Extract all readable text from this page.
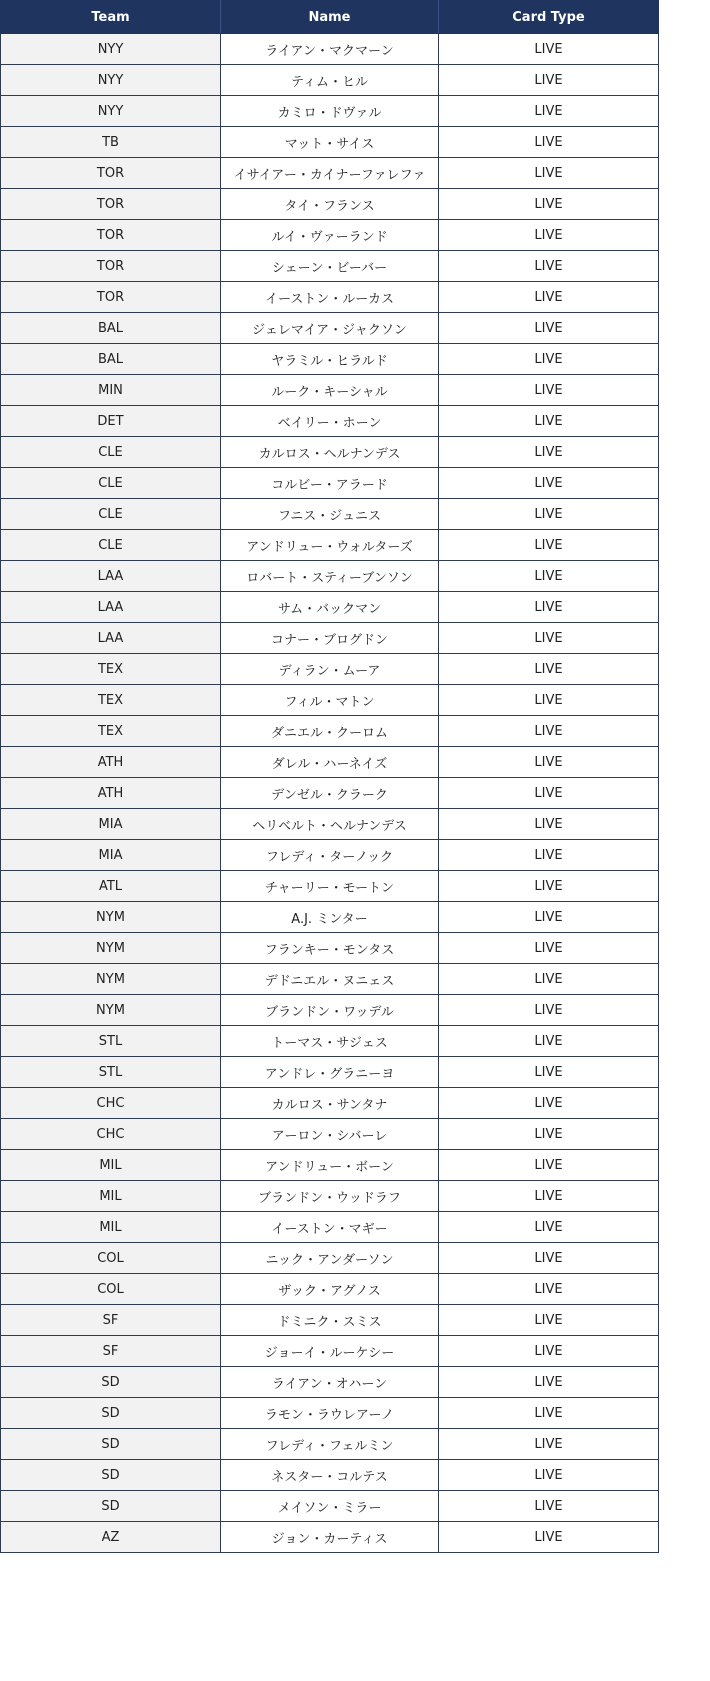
Team	Name	Card Type
NYY	ライアン・マクマーン	LIVE
NYY	ティム・ヒル	LIVE
NYY	カミロ・ドヴァル	LIVE
TB	マット・サイス	LIVE
TOR	イサイアー・カイナーファレファ	LIVE
TOR	タイ・フランス	LIVE
TOR	ルイ・ヴァーランド	LIVE
TOR	シェーン・ビーバー	LIVE
TOR	イーストン・ルーカス	LIVE
BAL	ジェレマイア・ジャクソン	LIVE
BAL	ヤラミル・ヒラルド	LIVE
MIN	ルーク・キーシャル	LIVE
DET	ベイリー・ホーン	LIVE
CLE	カルロス・ヘルナンデス	LIVE
CLE	コルビー・アラード	LIVE
CLE	フニス・ジュニス	LIVE
CLE	アンドリュー・ウォルターズ	LIVE
LAA	ロバート・スティーブンソン	LIVE
LAA	サム・バックマン	LIVE
LAA	コナー・ブログドン	LIVE
TEX	ディラン・ムーア	LIVE
TEX	フィル・マトン	LIVE
TEX	ダニエル・クーロム	LIVE
ATH	ダレル・ハーネイズ	LIVE
ATH	デンゼル・クラーク	LIVE
MIA	ヘリベルト・ヘルナンデス	LIVE
MIA	フレディ・ターノック	LIVE
ATL	チャーリー・モートン	LIVE
NYM	A.J. ミンター	LIVE
NYM	フランキー・モンタス	LIVE
NYM	デドニエル・ヌニェス	LIVE
NYM	ブランドン・ワッデル	LIVE
STL	トーマス・サジェス	LIVE
STL	アンドレ・グラニーヨ	LIVE
CHC	カルロス・サンタナ	LIVE
CHC	アーロン・シバーレ	LIVE
MIL	アンドリュー・ボーン	LIVE
MIL	ブランドン・ウッドラフ	LIVE
MIL	イーストン・マギー	LIVE
COL	ニック・アンダーソン	LIVE
COL	ザック・アグノス	LIVE
SF	ドミニク・スミス	LIVE
SF	ジョーイ・ルーケシー	LIVE
SD	ライアン・オハーン	LIVE
SD	ラモン・ラウレアーノ	LIVE
SD	フレディ・フェルミン	LIVE
SD	ネスター・コルテス	LIVE
SD	メイソン・ミラー	LIVE
AZ	ジョン・カーティス	LIVE
